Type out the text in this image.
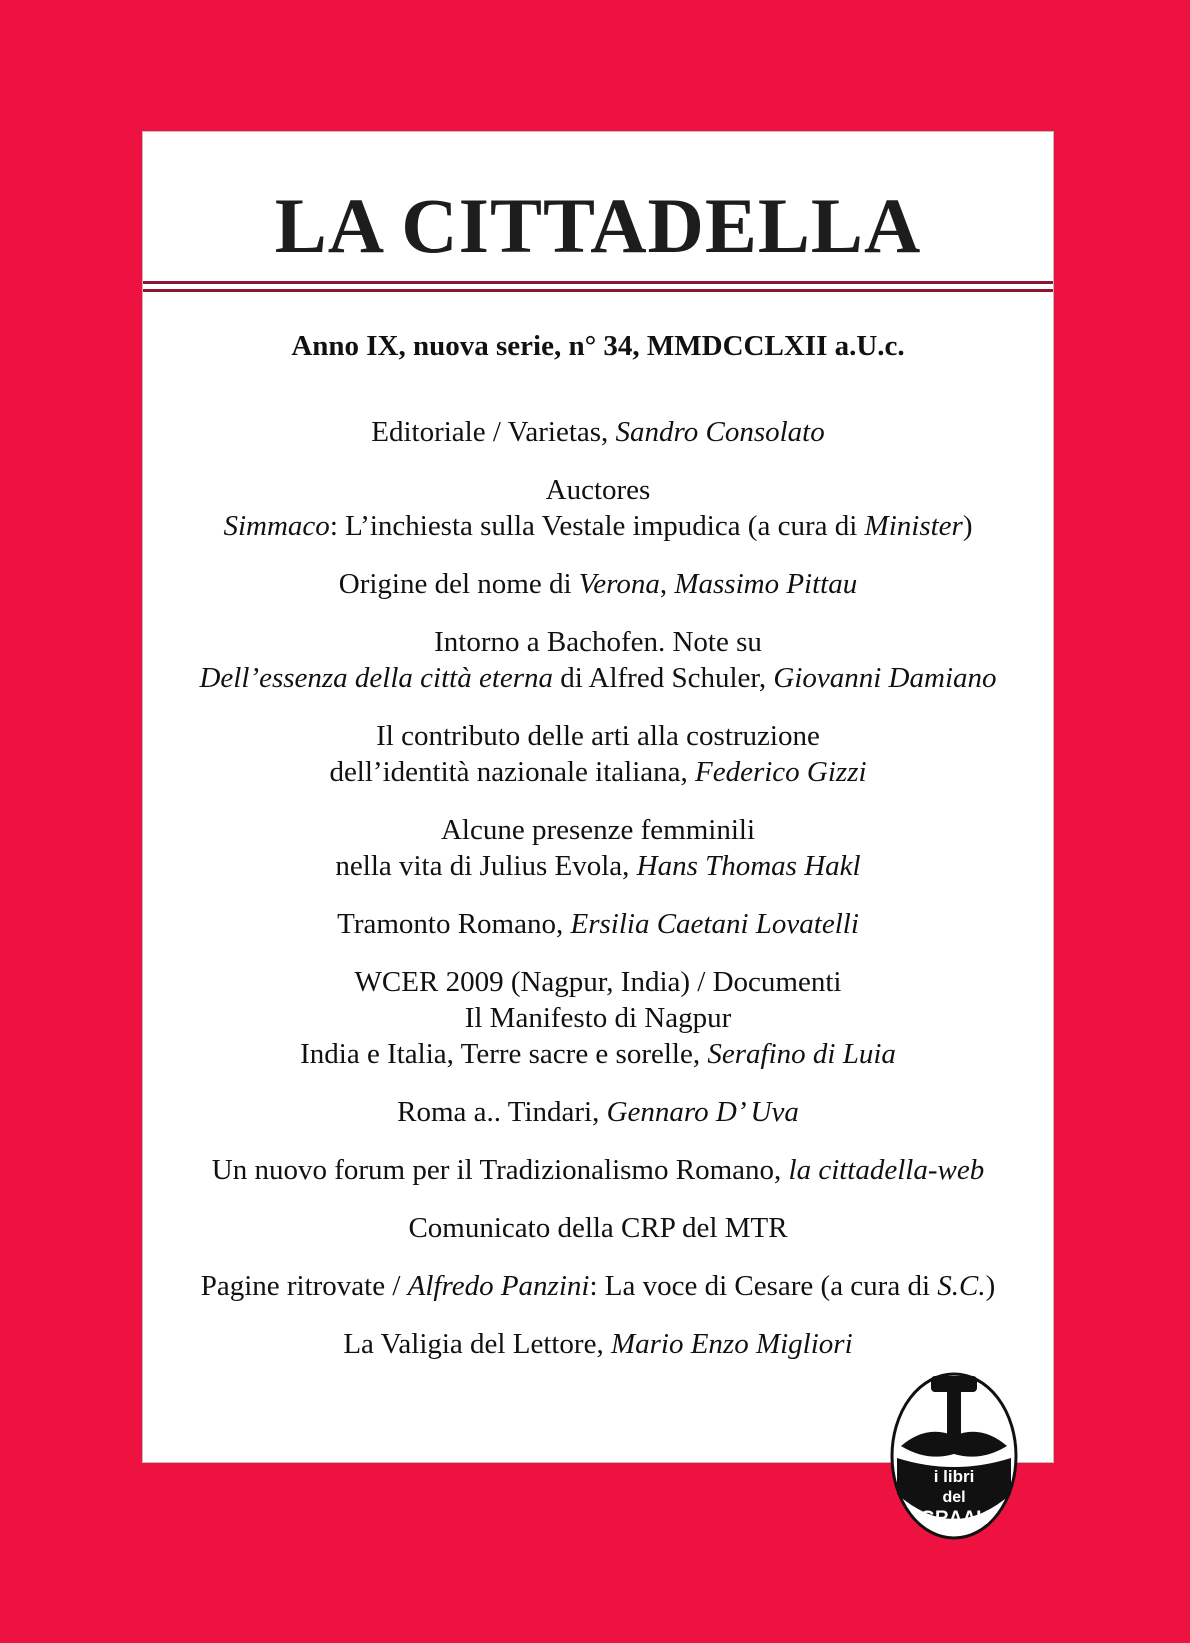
LA CITTADELLA
Anno IX, nuova serie, n° 34, MMDCCLXII a.U.c.
Editoriale / Varietas, Sandro Consolato
Auctores
Simmaco: L’inchiesta sulla Vestale impudica (a cura di Minister)
Origine del nome di Verona, Massimo Pittau
Intorno a Bachofen. Note su
Dell’essenza della città eterna di Alfred Schuler, Giovanni Damiano
Il contributo delle arti alla costruzione
dell’identità nazionale italiana, Federico Gizzi
Alcune presenze femminili
nella vita di Julius Evola, Hans Thomas Hakl
Tramonto Romano, Ersilia Caetani Lovatelli
WCER 2009 (Nagpur, India) / Documenti
Il Manifesto di Nagpur
India e Italia, Terre sacre e sorelle, Serafino di Luia
Roma a.. Tindari, Gennaro D’ Uva
Un nuovo forum per il Tradizionalismo Romano, la cittadella-web
Comunicato della CRP del MTR
Pagine ritrovate / Alfredo Panzini: La voce di Cesare (a cura di S.C.)
La Valigia del Lettore, Mario Enzo Migliori
i libri
del
GRAAL
